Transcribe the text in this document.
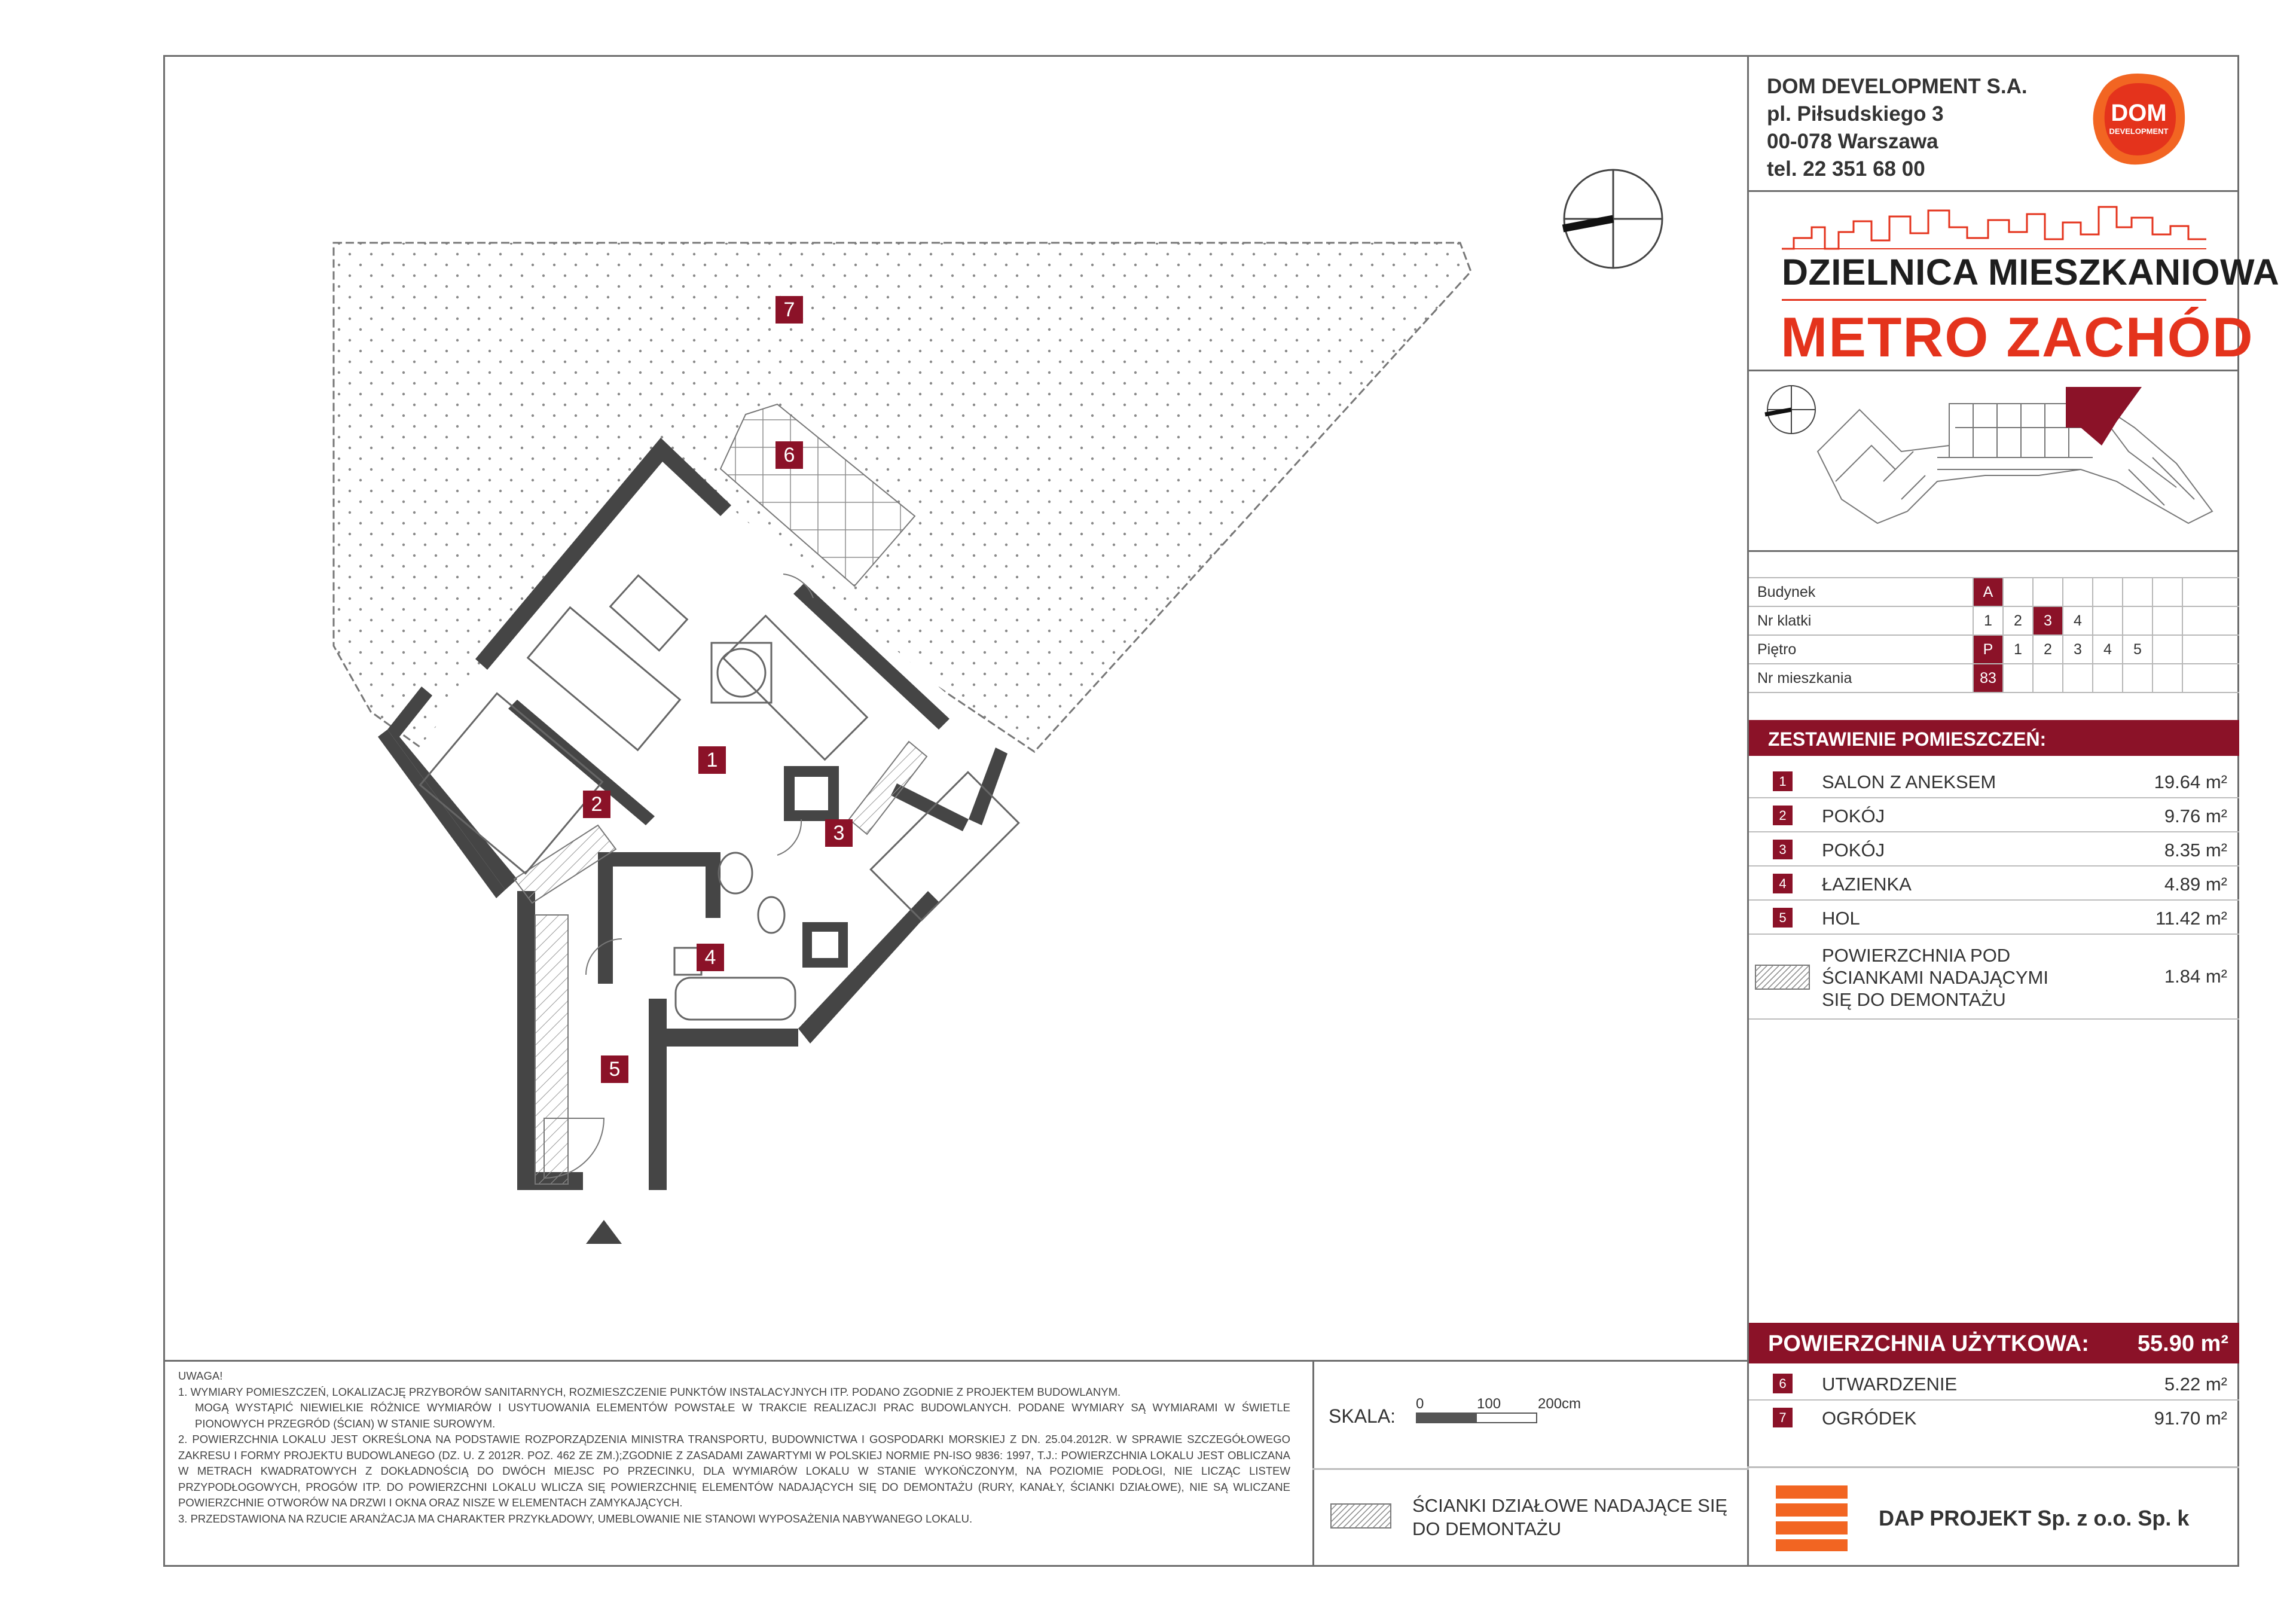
DOM DEVELOPMENT S.A.
pl. Piłsudskiego 3
00-078 Warszawa
tel. 22 351 68 00
DOM
DEVELOPMENT
DZIELNICA MIESZKANIOWA
METRO ZACHÓD
Budynek	A							
Nr klatki	1	2	3	4				
Piętro	P	1	2	3	4	5		
Nr mieszkania	83							
ZESTAWIENIE POMIESZCZEŃ:
1	SALON Z ANEKSEM	19.64 m²
2	POKÓJ	9.76 m²
3	POKÓJ	8.35 m²
4	ŁAZIENKA	4.89 m²
5	HOL	11.42 m²
POWIERZCHNIA POD
ŚCIANKAMI NADAJĄCYMI
SIĘ DO DEMONTAŻU
1.84 m²
POWIERZCHNIA UŻYTKOWA: 55.90 m²
6	UTWARDZENIE	5.22 m²
7	OGRÓDEK	91.70 m²
DAP PROJEKT Sp. z o.o. Sp. k
SKALA:
0	100	200cm
ŚCIANKI DZIAŁOWE NADAJĄCE SIĘ
DO DEMONTAŻU

UWAGA!

1. WYMIARY POMIESZCZEŃ, LOKALIZACJĘ PRZYBORÓW SANITARNYCH, ROZMIESZCZENIE PUNKTÓW INSTALACYJNYCH ITP. PODANO ZGODNIE Z PROJEKTEM BUDOWLANYM.

MOGĄ WYSTĄPIĆ NIEWIELKIE RÓŻNICE WYMIARÓW I USYTUOWANIA ELEMENTÓW POWSTAŁE W TRAKCIE REALIZACJI PRAC BUDOWLANYCH. PODANE WYMIARY SĄ WYMIARAMI W ŚWIETLE PIONOWYCH PRZEGRÓD (ŚCIAN) W STANIE SUROWYM.

2. POWIERZCHNIA LOKALU JEST OKREŚLONA NA PODSTAWIE ROZPORZĄDZENIA MINISTRA TRANSPORTU, BUDOWNICTWA I GOSPODARKI MORSKIEJ Z DN. 25.04.2012R. W SPRAWIE SZCZEGÓŁOWEGO ZAKRESU I FORMY PROJEKTU BUDOWLANEGO (DZ. U. Z 2012R. POZ. 462 ZE ZM.);ZGODNIE Z ZASADAMI ZAWARTYMI W POLSKIEJ NORMIE PN-ISO 9836: 1997, T.J.: POWIERZCHNIA LOKALU JEST OBLICZANA W METRACH KWADRATOWYCH Z DOKŁADNOŚCIĄ DO DWÓCH MIEJSC PO PRZECINKU, DLA WYMIARÓW LOKALU W STANIE WYKOŃCZONYM, NA POZIOMIE PODŁOGI, NIE LICZĄC LISTEW PRZYPODŁOGOWYCH, PROGÓW ITP. DO POWIERZCHNI LOKALU WLICZA SIĘ POWIERZCHNIĘ ELEMENTÓW NADAJĄCYCH SIĘ DO DEMONTAŻU (RURY, KANAŁY, ŚCIANKI DZIAŁOWE), NIE SĄ WLICZANE POWIERZCHNIE OTWORÓW NA DRZWI I OKNA ORAZ NISZE W ELEMENTACH ZAMYKAJĄCYCH.

3. PRZEDSTAWIONA NA RZUCIE ARANŻACJA MA CHARAKTER PRZYKŁADOWY, UMEBLOWANIE NIE STANOWI WYPOSAŻENIA NABYWANEGO LOKALU.

1
2
3
4
5
6
7
